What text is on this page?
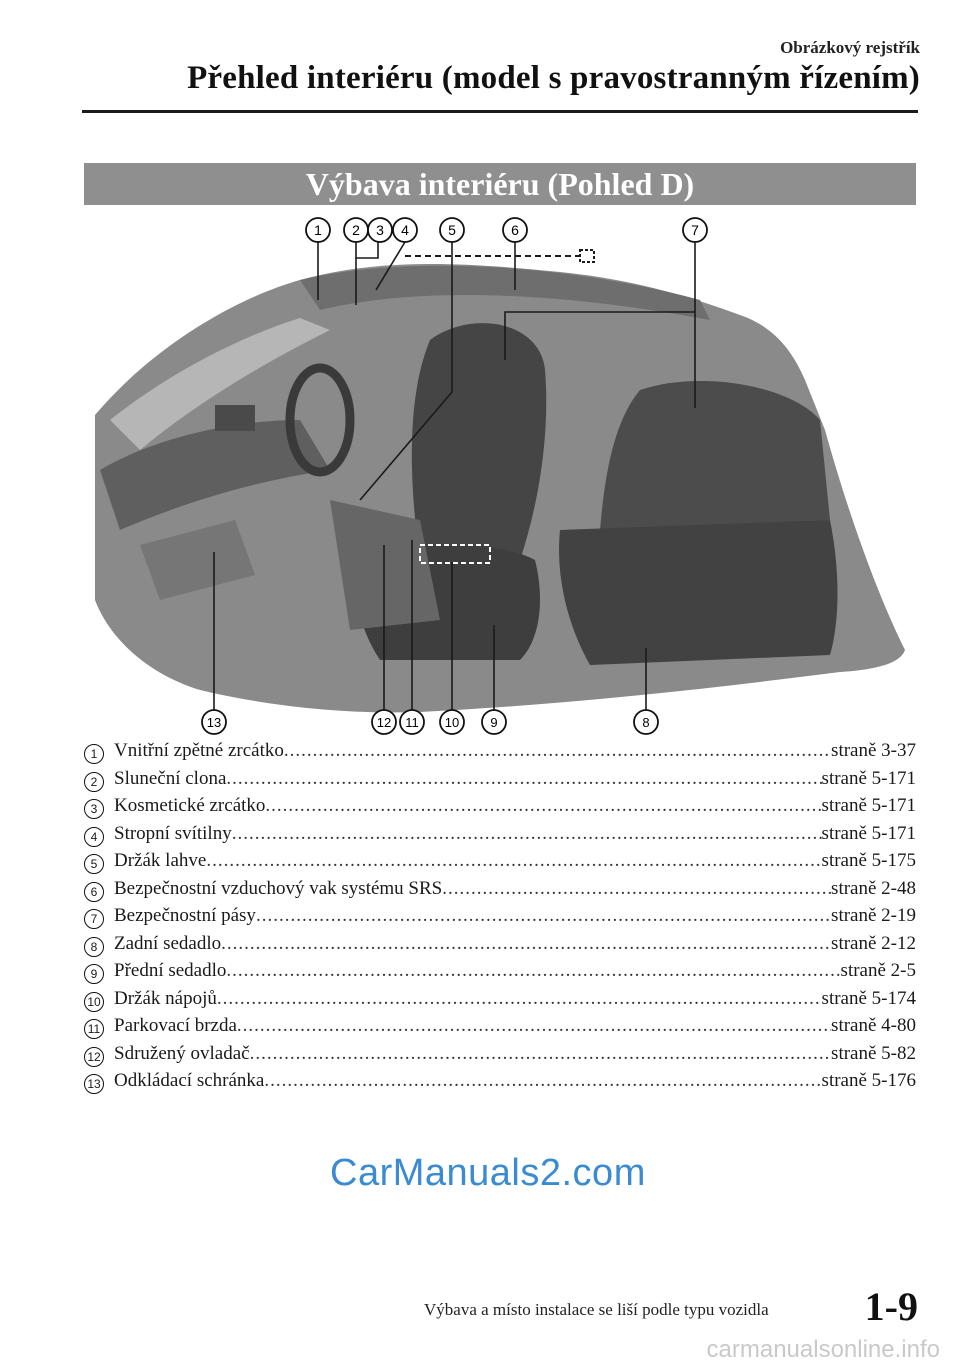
Obrázkový rejstřík
Přehled interiéru (model s pravostranným řízením)
Výbava interiéru (Pohled D)
1 2 3 4	5	6	7
13	12 11 10 9	8
1 Vnitřní zpětné zrcátko .....	straně 3-37
2 Sluneční clona .....	straně 5-171
3 Kosmetické zrcátko .....	straně 5-171
4 Stropní svítilny .....	straně 5-171
5 Držák lahve .....	straně 5-175
6 Bezpečnostní vzduchový vak systému SRS .....	straně 2-48
7 Bezpečnostní pásy .....	straně 2-19
8 Zadní sedadlo .....	straně 2-12
9 Přední sedadlo .....	straně 2-5
10 Držák nápojů .....	straně 5-174
11 Parkovací brzda .....	straně 4-80
12 Sdružený ovladač .....	straně 5-82
13 Odkládací schránka .....	straně 5-176
CarManuals2.com
Výbava a místo instalace se liší podle typu vozidla 1-9
carmanualsonline.info
